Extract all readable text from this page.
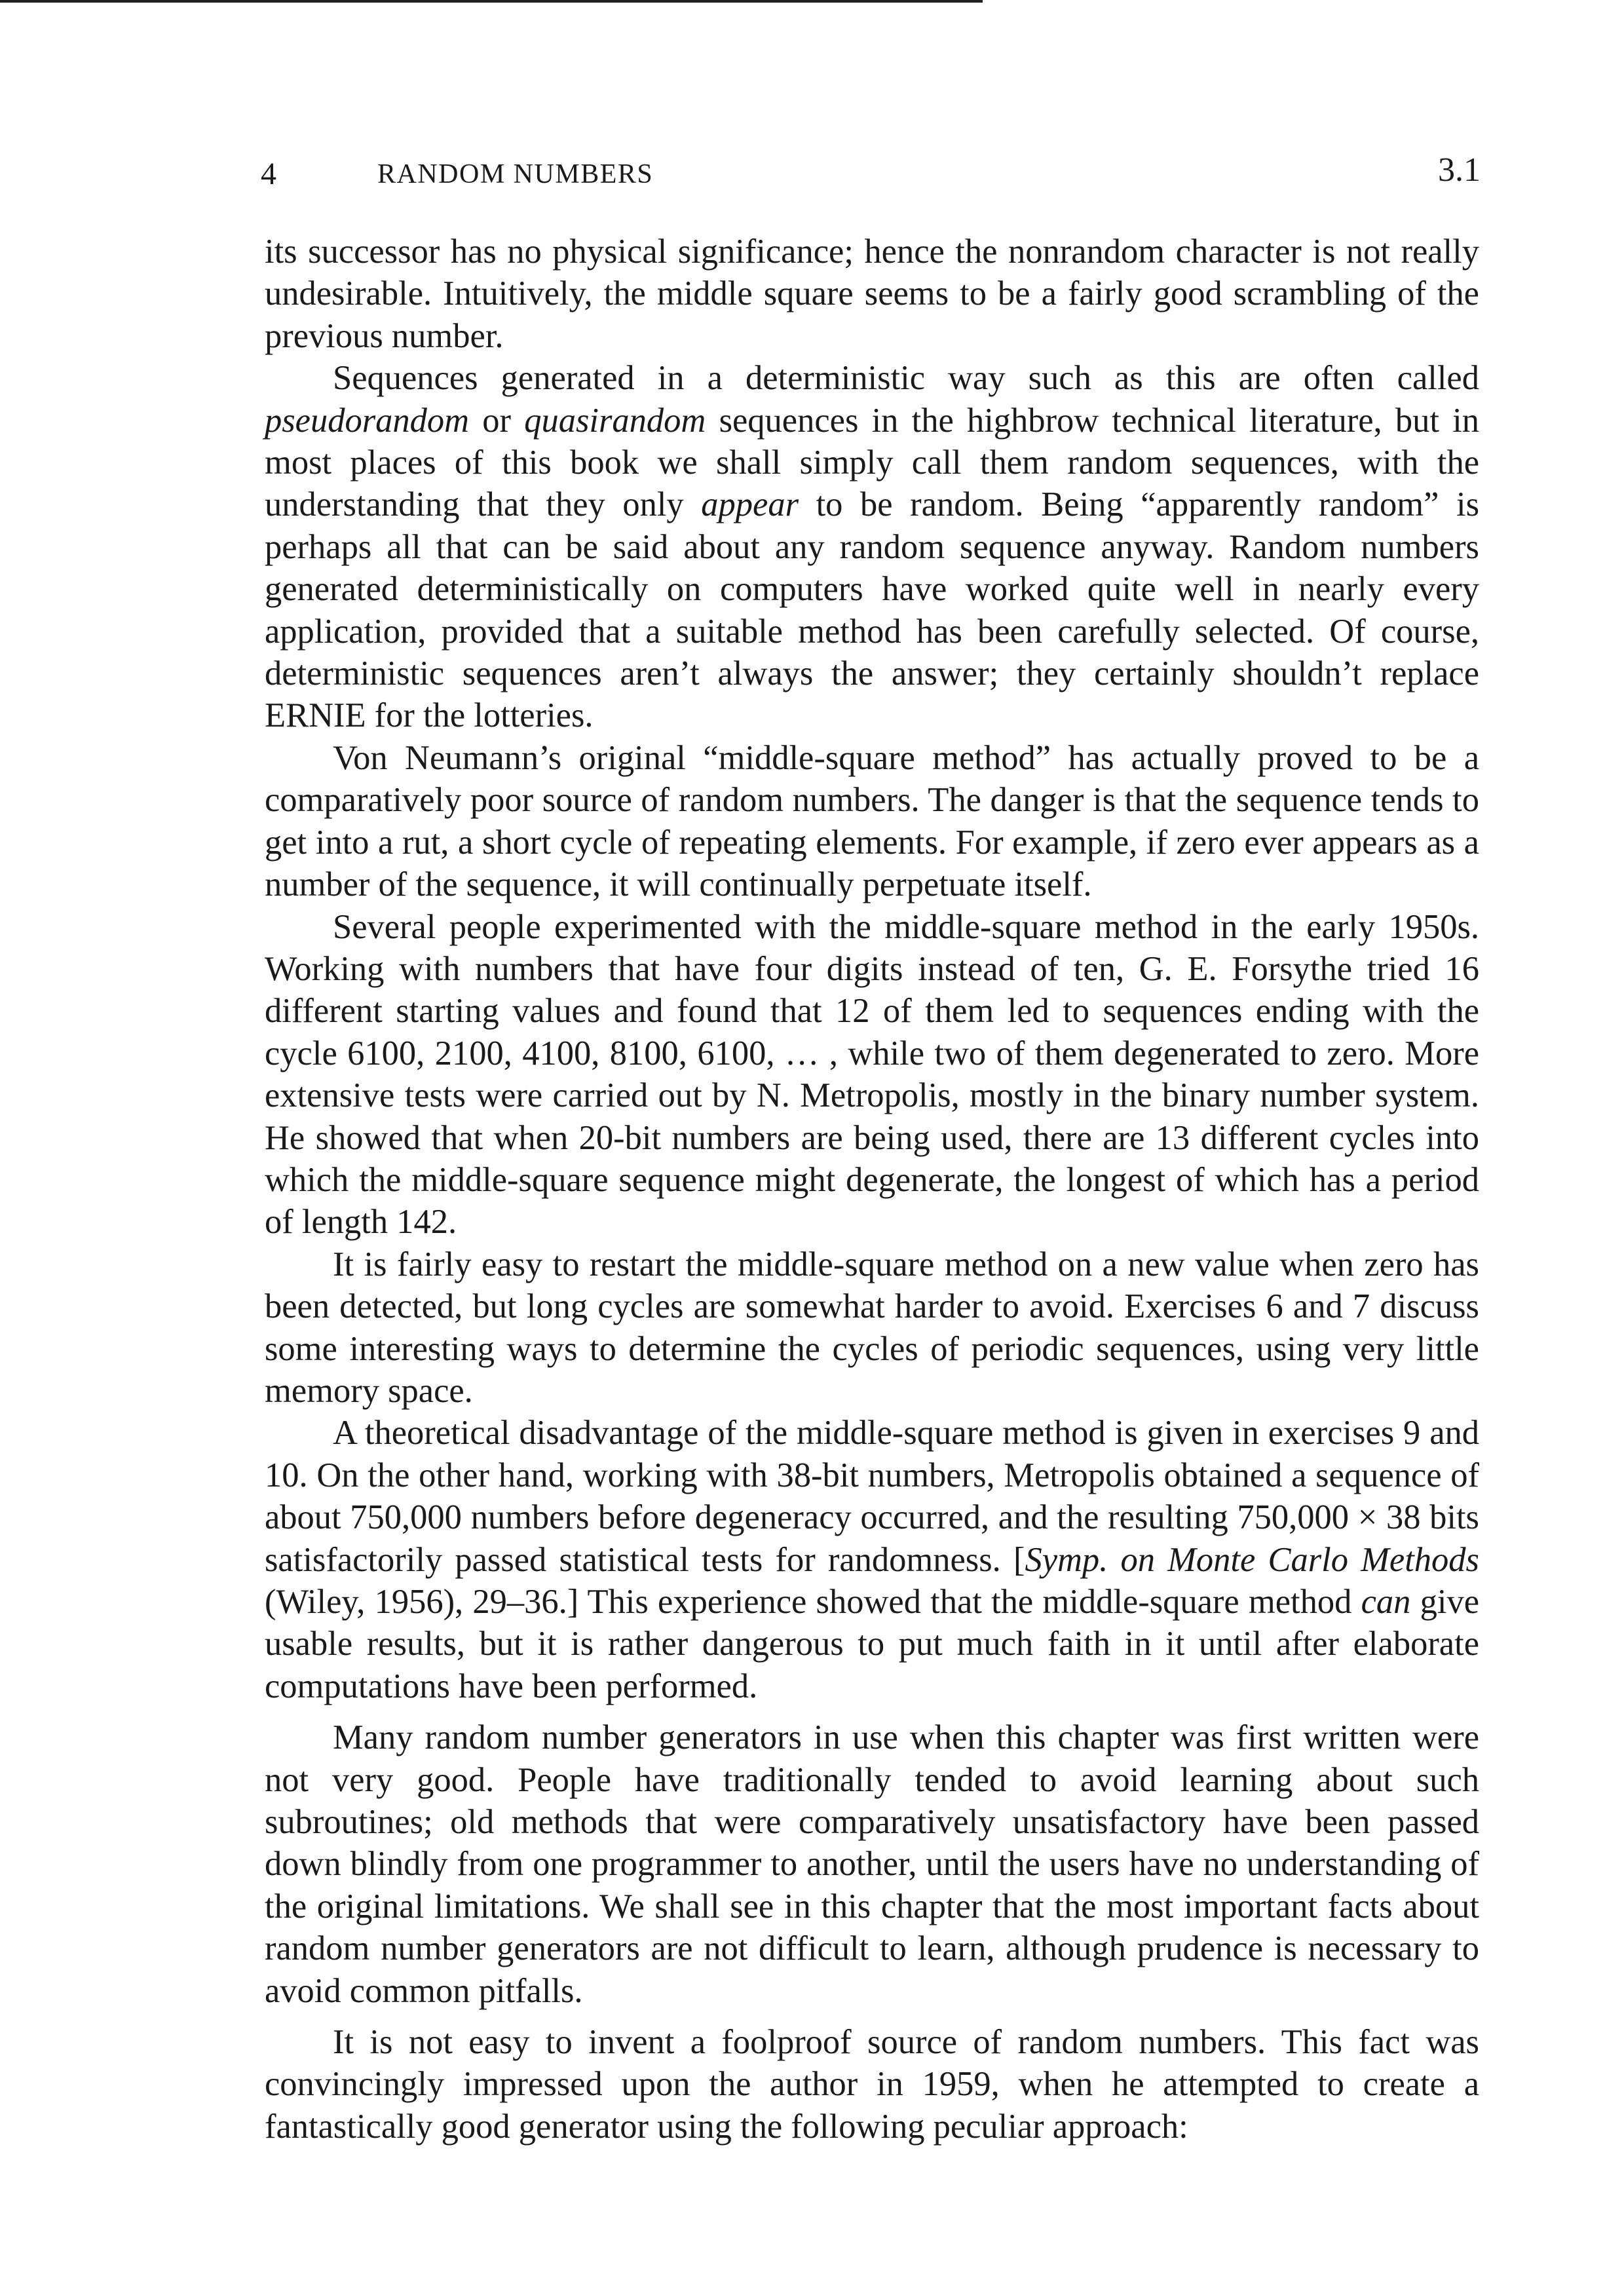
4	RANDOM NUMBERS	3.1

its successor has no physical significance; hence the nonrandom character is not really undesirable. Intuitively, the middle square seems to be a fairly good scrambling of the previous number.

Sequences generated in a deterministic way such as this are often called pseudorandom or quasirandom sequences in the highbrow technical literature, but in most places of this book we shall simply call them random sequences, with the understanding that they only appear to be random. Being “apparently random” is perhaps all that can be said about any random sequence anyway. Random numbers generated deterministically on computers have worked quite well in nearly every application, provided that a suitable method has been carefully selected. Of course, deterministic sequences aren’t always the answer; they certainly shouldn’t replace ERNIE for the lotteries.

Von Neumann’s original “middle-square method” has actually proved to be a comparatively poor source of random numbers. The danger is that the sequence tends to get into a rut, a short cycle of repeating elements. For example, if zero ever appears as a number of the sequence, it will continually perpetuate itself.

Several people experimented with the middle-square method in the early 1950s. Working with numbers that have four digits instead of ten, G. E. Forsythe tried 16 different starting values and found that 12 of them led to sequences ending with the cycle 6100, 2100, 4100, 8100, 6100, … , while two of them degenerated to zero. More extensive tests were carried out by N. Metropolis, mostly in the binary number system. He showed that when 20-bit numbers are being used, there are 13 different cycles into which the middle-square sequence might degenerate, the longest of which has a period of length 142.

It is fairly easy to restart the middle-square method on a new value when zero has been detected, but long cycles are somewhat harder to avoid. Exercises 6 and 7 discuss some interesting ways to determine the cycles of periodic sequences, using very little memory space.

A theoretical disadvantage of the middle-square method is given in exercises 9 and 10. On the other hand, working with 38-bit numbers, Metropolis obtained a sequence of about 750,000 numbers before degeneracy occurred, and the resulting 750,000 × 38 bits satisfactorily passed statistical tests for randomness. [Symp. on Monte Carlo Methods (Wiley, 1956), 29–36.] This experience showed that the middle-square method can give usable results, but it is rather dangerous to put much faith in it until after elaborate computations have been performed.

Many random number generators in use when this chapter was first written were not very good. People have traditionally tended to avoid learning about such subroutines; old methods that were comparatively unsatisfactory have been passed down blindly from one programmer to another, until the users have no understanding of the original limitations. We shall see in this chapter that the most important facts about random number generators are not difficult to learn, although prudence is necessary to avoid common pitfalls.

It is not easy to invent a foolproof source of random numbers. This fact was convincingly impressed upon the author in 1959, when he attempted to create a fantastically good generator using the following peculiar approach:
